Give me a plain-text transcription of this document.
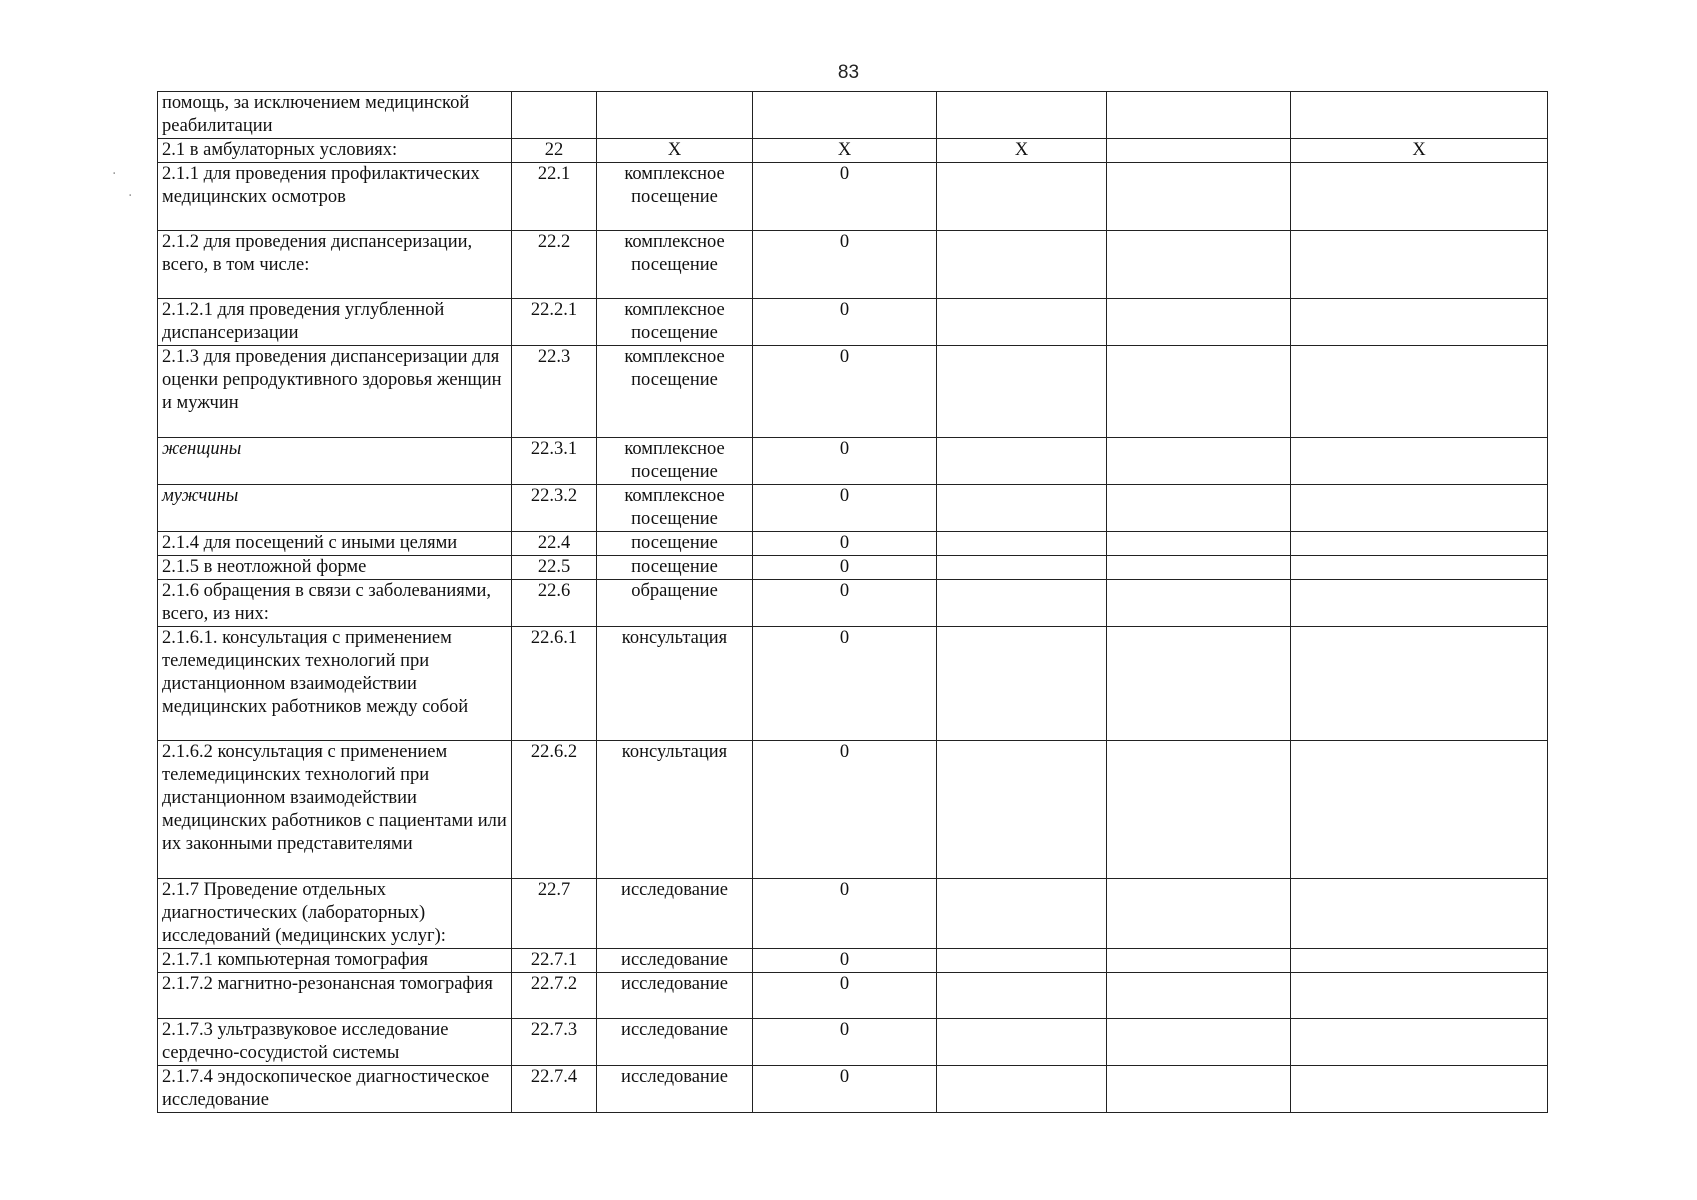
83
·
·
помощь, за исключением медицинской реабилитации						
2.1 в амбулаторных условиях:	22	X	X	X		X
2.1.1 для проведения профилактических медицинских осмотров	22.1	комплексное посещение	0			
2.1.2 для проведения диспансеризации, всего, в том числе:	22.2	комплексное посещение	0			
2.1.2.1 для проведения углубленной диспансеризации	22.2.1	комплексное посещение	0			
2.1.3 для проведения диспансеризации для оценки репродуктивного здоровья женщин и мужчин	22.3	комплексное посещение	0			
женщины	22.3.1	комплексное посещение	0			
мужчины	22.3.2	комплексное посещение	0			
2.1.4 для посещений с иными целями	22.4	посещение	0			
2.1.5 в неотложной форме	22.5	посещение	0			
2.1.6 обращения в связи с заболеваниями, всего, из них:	22.6	обращение	0			
2.1.6.1. консультация с применением телемедицинских технологий при дистанционном взаимодействии медицинских работников между собой	22.6.1	консультация	0			
2.1.6.2 консультация с применением телемедицинских технологий при дистанционном взаимодействии медицинских работников с пациентами или их законными представителями	22.6.2	консультация	0			
2.1.7 Проведение отдельных диагностических (лабораторных) исследований (медицинских услуг):	22.7	исследование	0			
2.1.7.1 компьютерная томография	22.7.1	исследование	0			
2.1.7.2 магнитно-резонансная томография	22.7.2	исследование	0			
2.1.7.3 ультразвуковое исследование сердечно-сосудистой системы	22.7.3	исследование	0			
2.1.7.4 эндоскопическое диагностическое исследование	22.7.4	исследование	0			
